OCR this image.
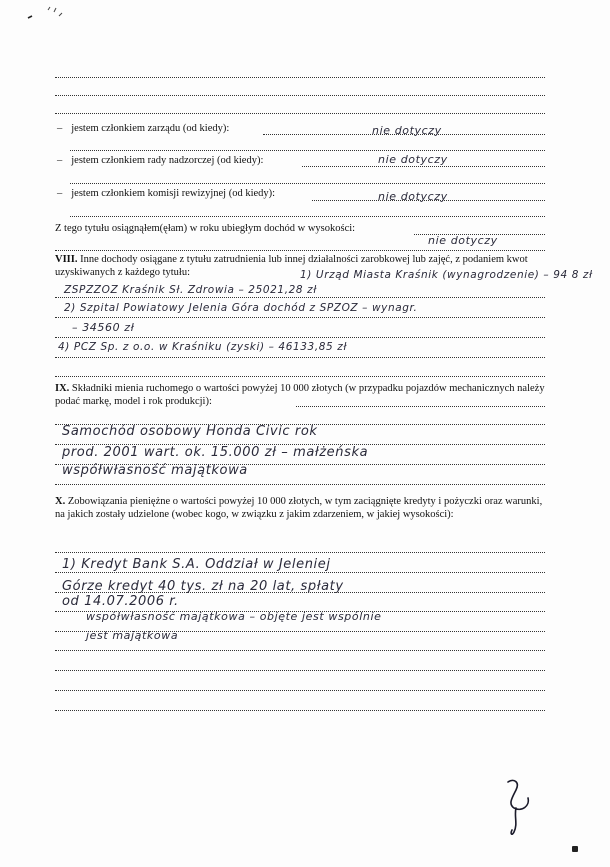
– jestem członkiem zarządu (od kiedy):	nie dotyczy
– jestem członkiem rady nadzorczej (od kiedy):	nie dotyczy
– jestem członkiem komisji rewizyjnej (od kiedy):	nie dotyczy
Z tego tytułu osiągnąłem(ęłam) w roku ubiegłym dochód w wysokości:
nie dotyczy
VIII. Inne dochody osiągane z tytułu zatrudnienia lub innej działalności zarobkowej lub zajęć, z podaniem kwot uzyskiwanych z każdego tytułu:	1) Urząd Miasta Kraśnik (wynagrodzenie) – 94 8 zł
ZSPZZOZ Kraśnik Sł. Zdrowia – 25021,28 zł
2) Szpital Powiatowy Jelenia Góra dochód z SPZOZ – wynagr.
– 34560 zł
4) PCZ Sp. z o.o. w Kraśniku (zyski) – 46133,85 zł
IX. Składniki mienia ruchomego o wartości powyżej 10 000 złotych (w przypadku pojazdów mechanicznych należy podać markę, model i rok produkcji):
Samochód osobowy Honda Civic rok
prod. 2001 wart. ok. 15.000 zł – małżeńska
współwłasność majątkowa
X. Zobowiązania pieniężne o wartości powyżej 10 000 złotych, w tym zaciągnięte kredyty i pożyczki oraz warunki, na jakich zostały udzielone (wobec kogo, w związku z jakim zdarzeniem, w jakiej wysokości):
1) Kredyt Bank S.A. Oddział w Jeleniej
Górze kredyt 40 tys. zł na 20 lat, spłaty
od 14.07.2006 r.
współwłasność majątkowa – objęte jest wspólnie
jest majątkowa
